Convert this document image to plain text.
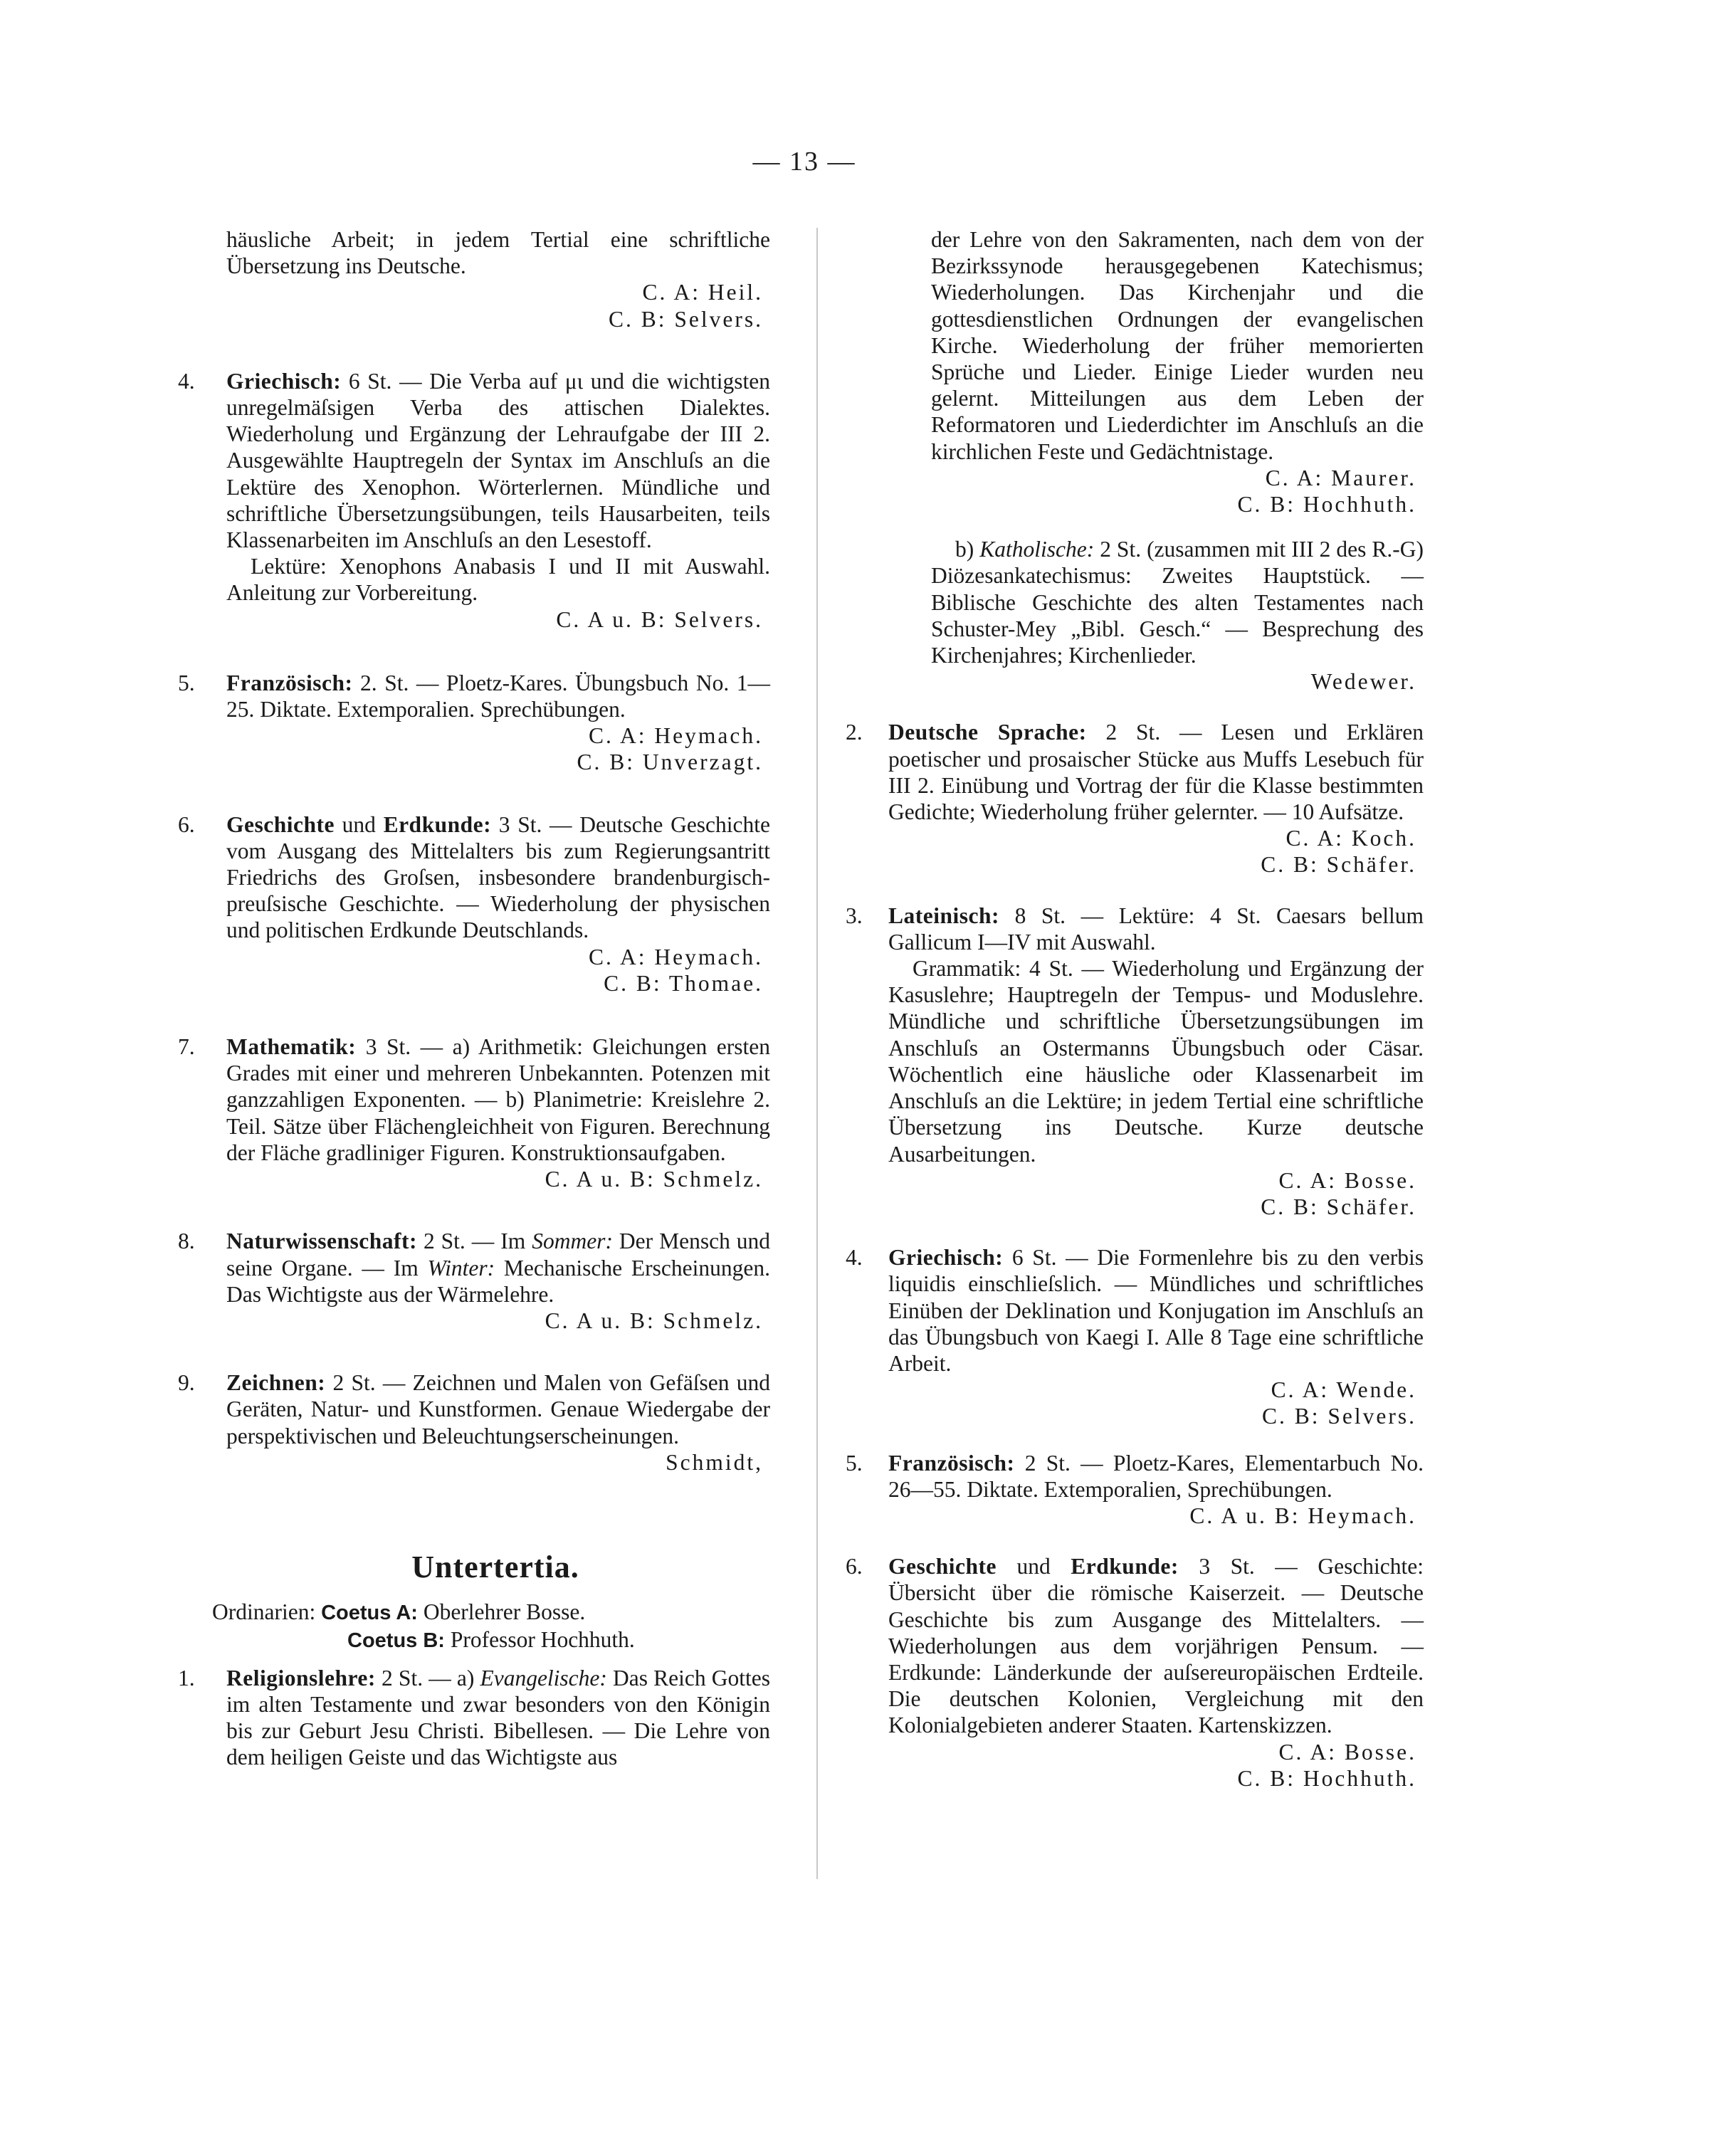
— 13 —
häusliche Arbeit; in jedem Tertial eine schriftliche Übersetzung ins Deutsche.
C. A: Heil.
C. B: Selvers.
4. Griechisch: 6 St. — Die Verba auf μι und die wichtigsten unregelmäſsigen Verba des attischen Dialektes. Wiederholung und Ergänzung der Lehraufgabe der III 2. Ausgewählte Hauptregeln der Syntax im Anschluſs an die Lektüre des Xenophon. Wörterlernen. Mündliche und schriftliche Übersetzungsübungen, teils Hausarbeiten, teils Klassenarbeiten im Anschluſs an den Lesestoff.
Lektüre: Xenophons Anabasis I und II mit Auswahl. Anleitung zur Vorbereitung.
C. A u. B: Selvers.
5. Französisch: 2. St. — Ploetz-Kares. Übungsbuch No. 1—25. Diktate. Extemporalien. Sprechübungen.
C. A: Heymach.
C. B: Unverzagt.
6. Geschichte und Erdkunde: 3 St. — Deutsche Geschichte vom Ausgang des Mittelalters bis zum Regierungsantritt Friedrichs des Groſsen, insbesondere brandenburgisch-preuſsische Geschichte. — Wiederholung der physischen und politischen Erdkunde Deutschlands.
C. A: Heymach.
C. B: Thomae.
7. Mathematik: 3 St. — a) Arithmetik: Gleichungen ersten Grades mit einer und mehreren Unbekannten. Potenzen mit ganzzahligen Exponenten. — b) Planimetrie: Kreislehre 2. Teil. Sätze über Flächengleichheit von Figuren. Berechnung der Fläche gradliniger Figuren. Konstruktionsaufgaben.
C. A u. B: Schmelz.
8. Naturwissenschaft: 2 St. — Im Sommer: Der Mensch und seine Organe. — Im Winter: Mechanische Erscheinungen. Das Wichtigste aus der Wärmelehre.
C. A u. B: Schmelz.
9. Zeichnen: 2 St. — Zeichnen und Malen von Gefäſsen und Geräten, Natur- und Kunstformen. Genaue Wiedergabe der perspektivischen und Beleuchtungserscheinungen.
Schmidt,
Untertertia.
Ordinarien: Coetus A: Oberlehrer Bosse.
Coetus B: Professor Hochhuth.
1. Religionslehre: 2 St. — a) Evangelische: Das Reich Gottes im alten Testamente und zwar besonders von den Königin bis zur Geburt Jesu Christi. Bibellesen. — Die Lehre von dem heiligen Geiste und das Wichtigste aus
der Lehre von den Sakramenten, nach dem von der Bezirkssynode herausgegebenen Katechismus; Wiederholungen. Das Kirchenjahr und die gottesdienstlichen Ordnungen der evangelischen Kirche. Wiederholung der früher memorierten Sprüche und Lieder. Einige Lieder wurden neu gelernt. Mitteilungen aus dem Leben der Reformatoren und Liederdichter im Anschluſs an die kirchlichen Feste und Gedächtnistage.
C. A: Maurer.
C. B: Hochhuth.
b) Katholische: 2 St. (zusammen mit III 2 des R.-G) Diözesankatechismus: Zweites Hauptstück. — Biblische Geschichte des alten Testamentes nach Schuster-Mey „Bibl. Gesch.“ — Besprechung des Kirchenjahres; Kirchenlieder.
Wedewer.
2. Deutsche Sprache: 2 St. — Lesen und Erklären poetischer und prosaischer Stücke aus Muffs Lesebuch für III 2. Einübung und Vortrag der für die Klasse bestimmten Gedichte; Wiederholung früher gelernter. — 10 Aufsätze.
C. A: Koch.
C. B: Schäfer.
3. Lateinisch: 8 St. — Lektüre: 4 St. Caesars bellum Gallicum I—IV mit Auswahl.
Grammatik: 4 St. — Wiederholung und Ergänzung der Kasuslehre; Hauptregeln der Tempus- und Moduslehre. Mündliche und schriftliche Übersetzungsübungen im Anschluſs an Ostermanns Übungsbuch oder Cäsar. Wöchentlich eine häusliche oder Klassenarbeit im Anschluſs an die Lektüre; in jedem Tertial eine schriftliche Übersetzung ins Deutsche. Kurze deutsche Ausarbeitungen.
C. A: Bosse.
C. B: Schäfer.
4. Griechisch: 6 St. — Die Formenlehre bis zu den verbis liquidis einschlieſslich. — Mündliches und schriftliches Einüben der Deklination und Konjugation im Anschluſs an das Übungsbuch von Kaegi I. Alle 8 Tage eine schriftliche Arbeit.
C. A: Wende.
C. B: Selvers.
5. Französisch: 2 St. — Ploetz-Kares, Elementarbuch No. 26—55. Diktate. Extemporalien, Sprechübungen.
C. A u. B: Heymach.
6. Geschichte und Erdkunde: 3 St. — Geschichte: Übersicht über die römische Kaiserzeit. — Deutsche Geschichte bis zum Ausgange des Mittelalters. — Wiederholungen aus dem vorjährigen Pensum. — Erdkunde: Länderkunde der auſsereuropäischen Erdteile. Die deutschen Kolonien, Vergleichung mit den Kolonialgebieten anderer Staaten. Kartenskizzen.
C. A: Bosse.
C. B: Hochhuth.
